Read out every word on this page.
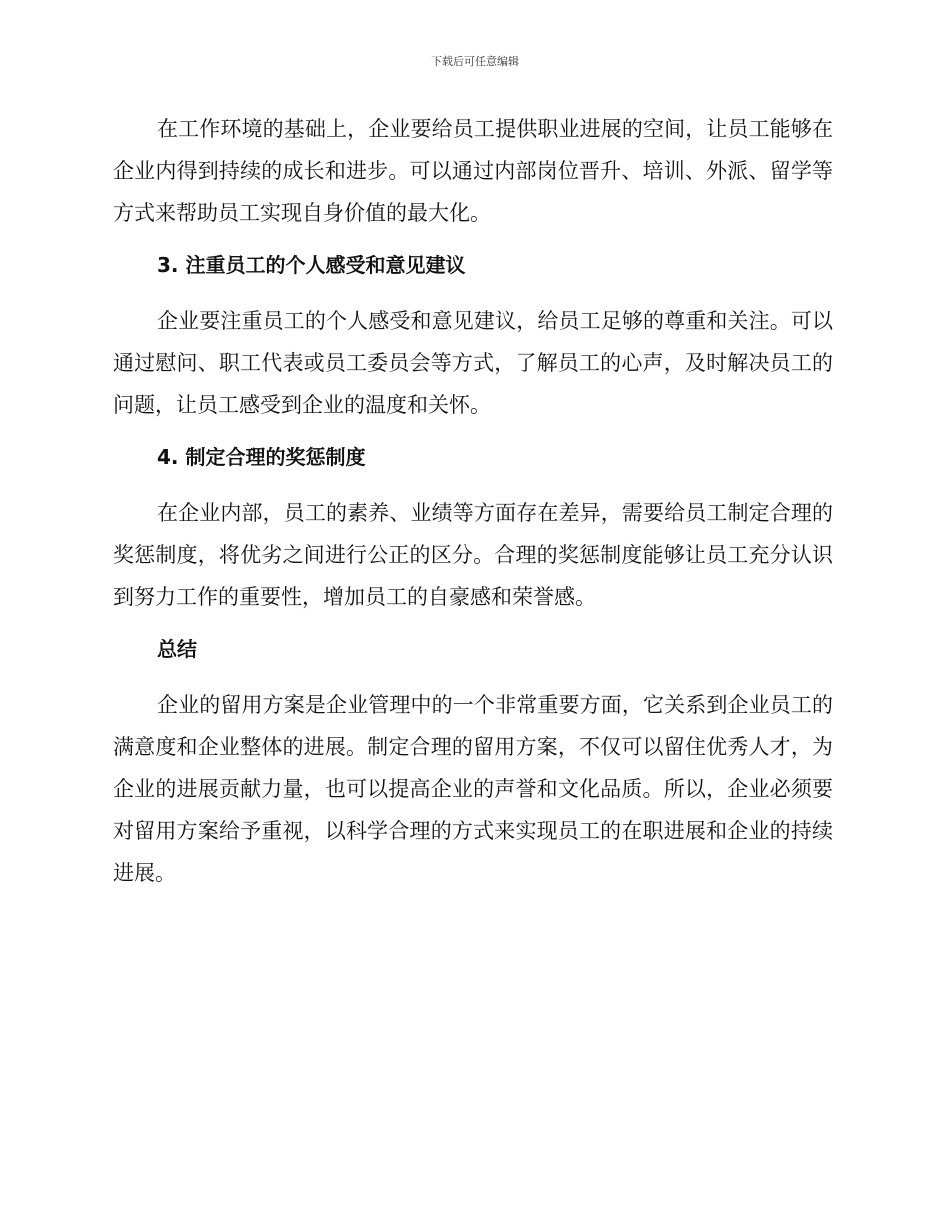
下载后可任意编辑

在工作环境的基础上，企业要给员工提供职业进展的空间，让员工能够在企业内得到持续的成长和进步。可以通过内部岗位晋升、培训、外派、留学等方式来帮助员工实现自身价值的最大化。

3. 注重员工的个人感受和意见建议

企业要注重员工的个人感受和意见建议，给员工足够的尊重和关注。可以通过慰问、职工代表或员工委员会等方式，了解员工的心声，及时解决员工的问题，让员工感受到企业的温度和关怀。

4. 制定合理的奖惩制度

在企业内部，员工的素养、业绩等方面存在差异，需要给员工制定合理的奖惩制度，将优劣之间进行公正的区分。合理的奖惩制度能够让员工充分认识到努力工作的重要性，增加员工的自豪感和荣誉感。

总结

企业的留用方案是企业管理中的一个非常重要方面，它关系到企业员工的满意度和企业整体的进展。制定合理的留用方案，不仅可以留住优秀人才，为企业的进展贡献力量，也可以提高企业的声誉和文化品质。所以，企业必须要对留用方案给予重视，以科学合理的方式来实现员工的在职进展和企业的持续进展。
